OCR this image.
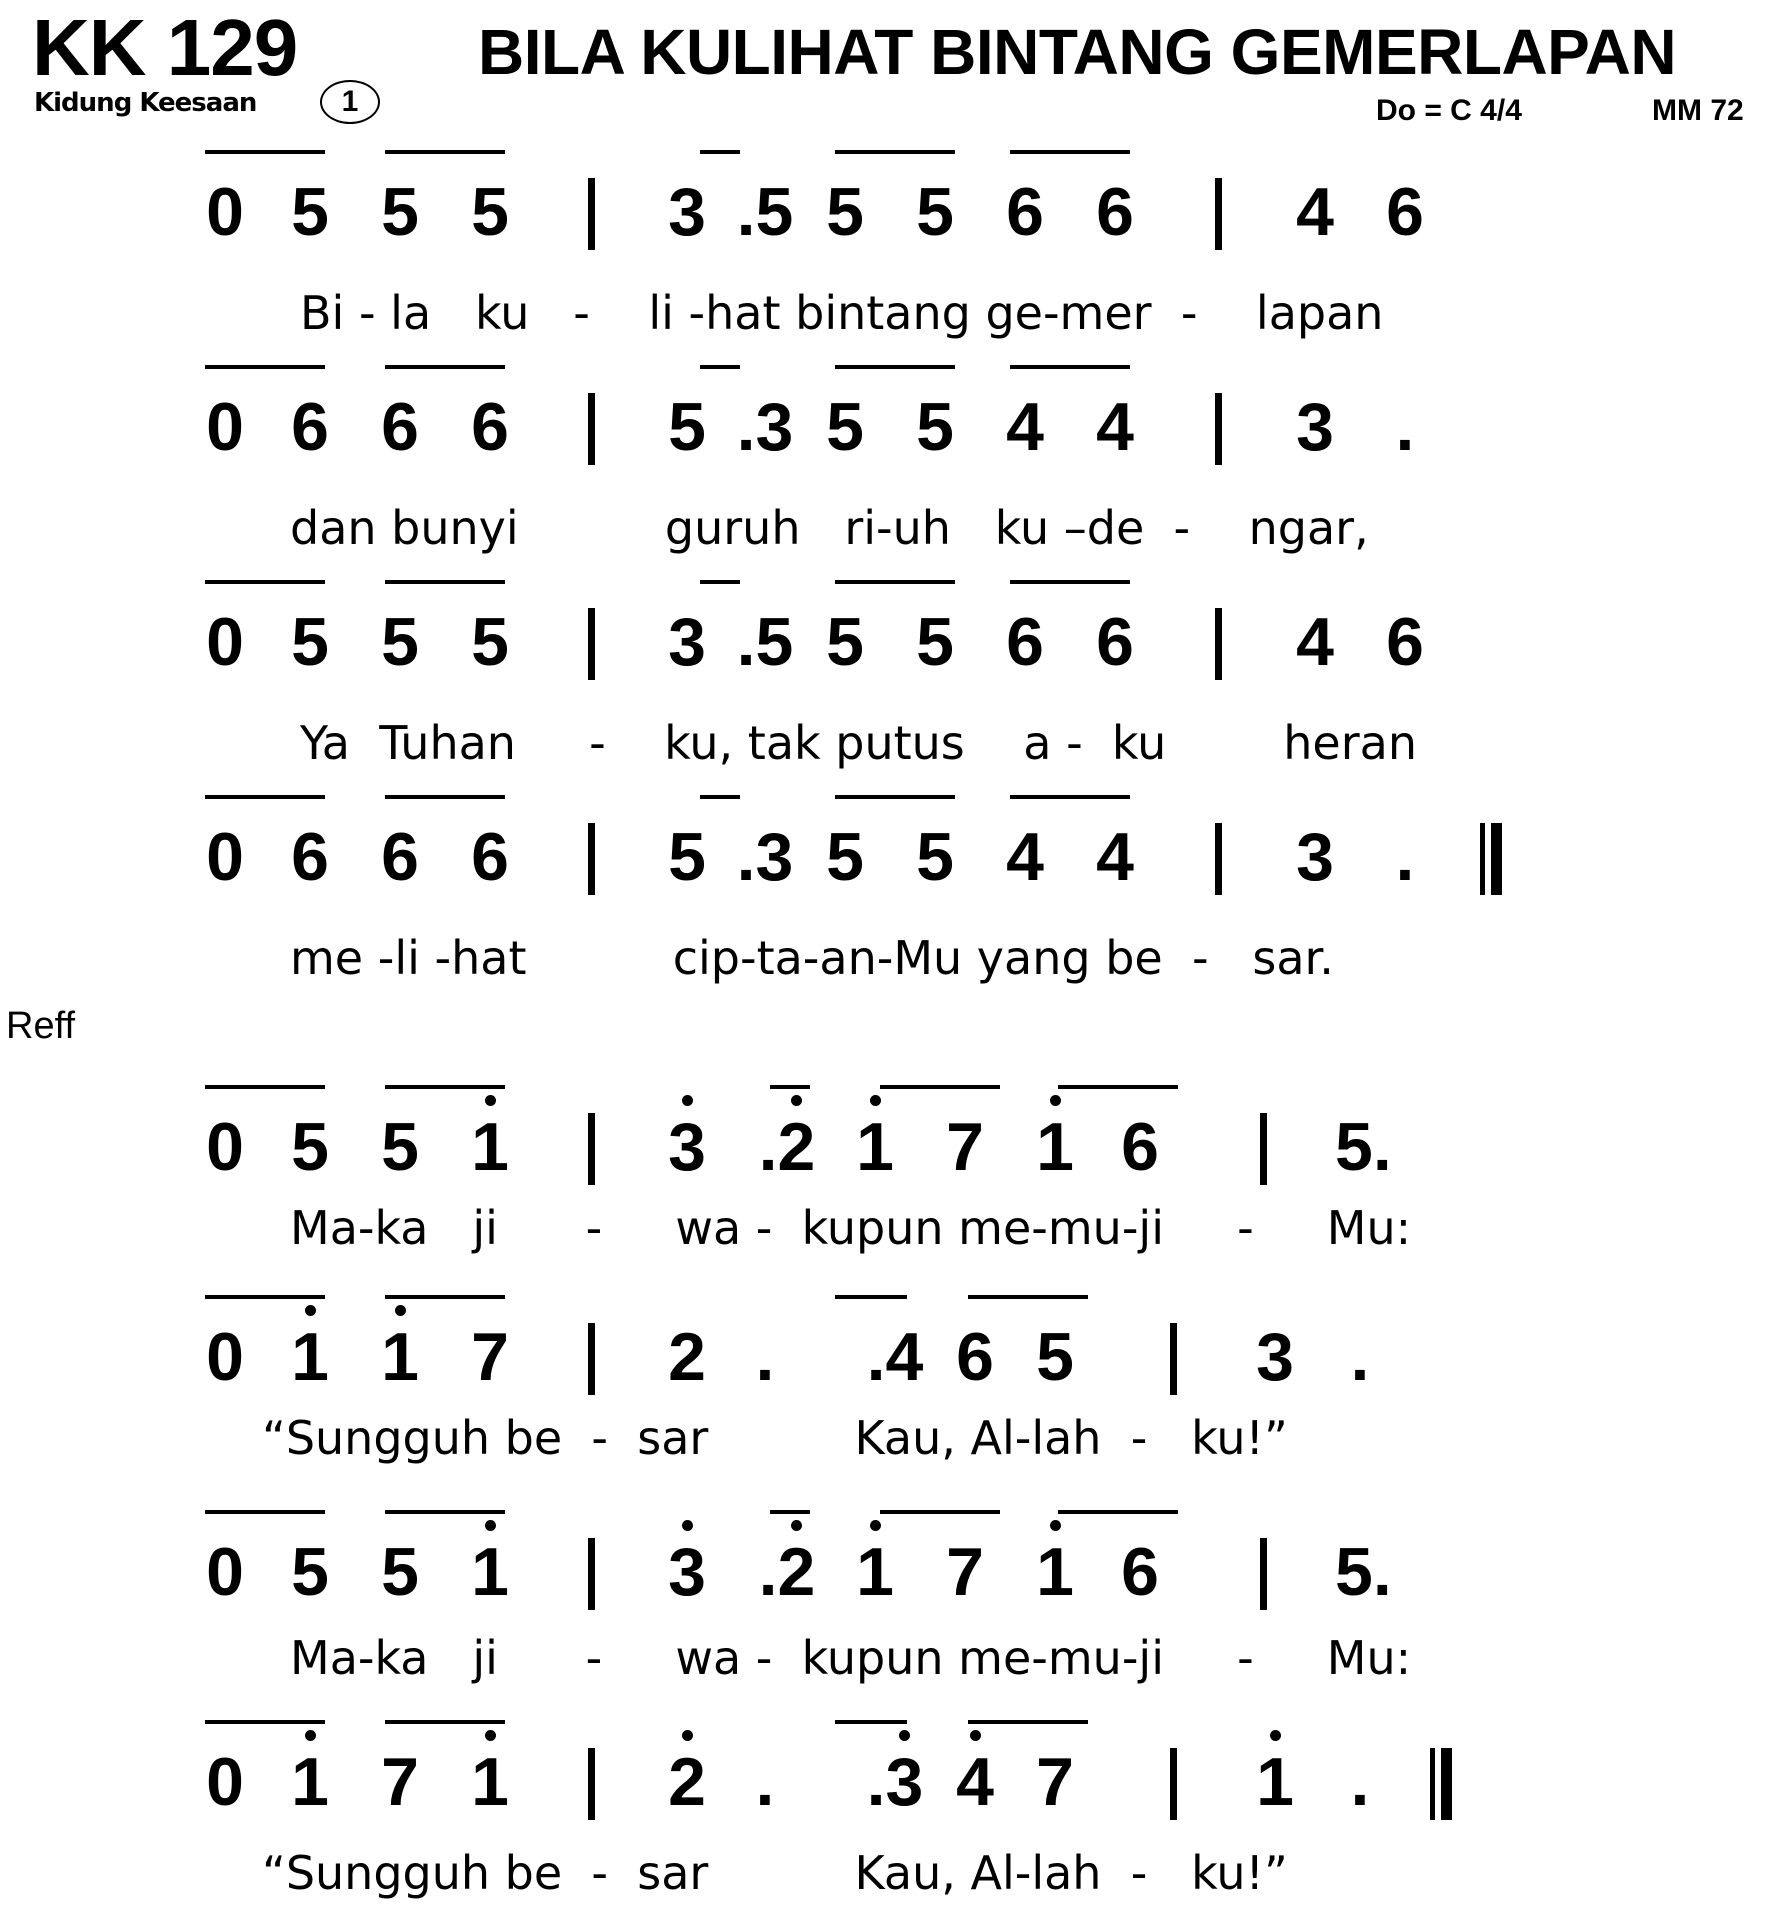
KK 129
Kidung Keesaan	1
BILA KULIHAT BINTANG GEMERLAPAN
Do = C 4/4	MM 72
Reff
0 5 5 5 3 .5 5 5 6 6 4 6
Bi - la   ku   -    li -hat bintang ge-mer  -    lapan
0 6 6 6 5 .3 5 5 4 4 3 .
dan bunyi          guruh   ri-uh   ku –de  -    ngar,
0 5 5 5 3 .5 5 5 6 6 4 6
Ya  Tuhan     -    ku, tak putus    a -  ku        heran
0 6 6 6 5 .3 5 5 4 4 3 .
me -li -hat          cip-ta-an-Mu yang be  -   sar.
0 5 5 1 3 .2 1 7 1 6	5.
Ma-ka   ji      -     wa -  kupun me-mu-ji     -     Mu:
0 1 1 7 2 . .4 6 5	3 .
“Sungguh be  -  sar          Kau, Al-lah  -   ku!”
0 5 5 1 3 .2 1 7 1 6	5.
Ma-ka   ji      -     wa -  kupun me-mu-ji     -     Mu:
0 1 7 1 2 . .3 4 7	1 .
“Sungguh be  -  sar          Kau, Al-lah  -   ku!”
